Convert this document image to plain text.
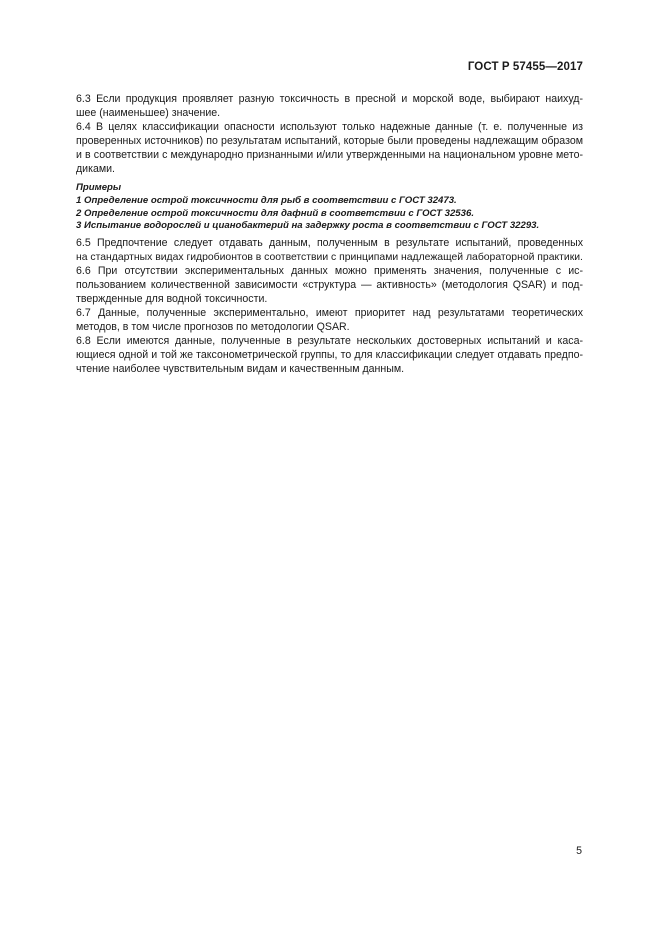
ГОСТ Р 57455—2017
5
6.3 Если продукция проявляет разную токсичность в пресной и морской воде, выбирают наихуд-
шее (наименьшее) значение.
6.4 В целях классификации опасности используют только надежные данные (т. е. полученные из
проверенных источников) по результатам испытаний, которые были проведены надлежащим образом
и в соответствии с международно признанными и/или утвержденными на национальном уровне мето-
диками.
Примеры
1 Определение острой токсичности для рыб в соответствии с ГОСТ 32473.
2 Определение острой токсичности для дафний в соответствии с ГОСТ 32536.
3 Испытание водорослей и цианобактерий на задержку роста в соответствии с ГОСТ 32293.
6.5 Предпочтение следует отдавать данным, полученным в результате испытаний, проведенных
на стандартных видах гидробионтов в соответствии с принципами надлежащей лабораторной практики.
6.6 При отсутствии экспериментальных данных можно применять значения, полученные с ис-
пользованием количественной зависимости «структура — активность» (методология QSAR) и под-
твержденные для водной токсичности.
6.7 Данные, полученные экспериментально, имеют приоритет над результатами теоретических
методов, в том числе прогнозов по методологии QSAR.
6.8 Если имеются данные, полученные в результате нескольких достоверных испытаний и каса-
ющиеся одной и той же таксонометрической группы, то для классификации следует отдавать предпо-
чтение наиболее чувствительным видам и качественным данным.
